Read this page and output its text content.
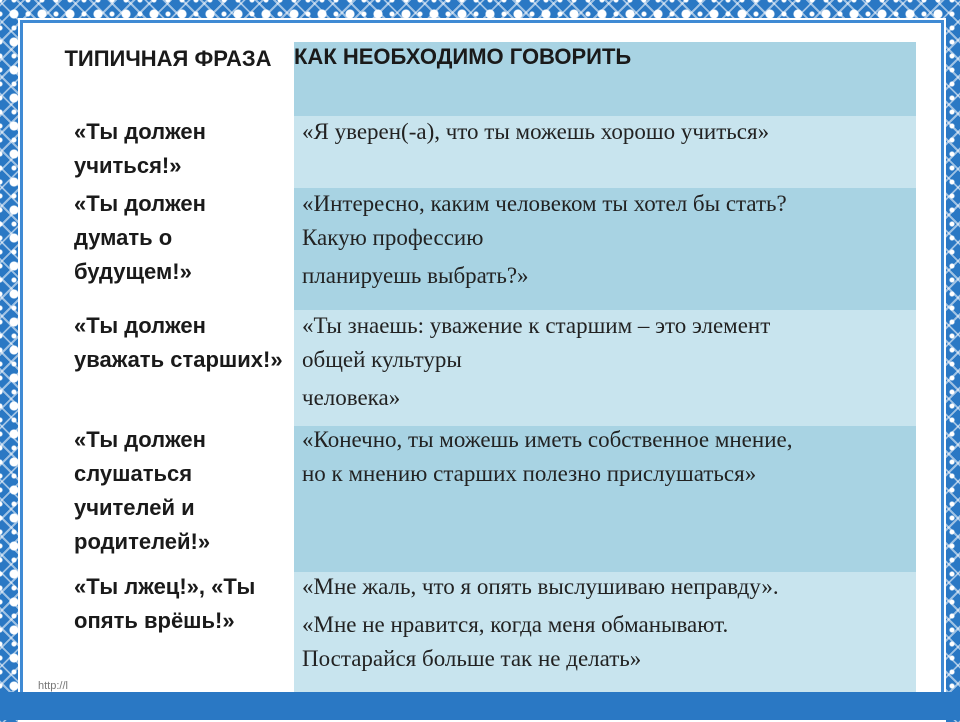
ТИПИЧНАЯ ФРАЗА	КАК НЕОБХОДИМО ГОВОРИТЬ
«Ты должен учиться!»
«Я уверен(-а), что ты можешь хорошо учиться»
«Ты должен думать о будущем!»
«Интересно, каким человеком ты хотел бы стать?
Какую профессию
планируешь выбрать?»
«Ты должен уважать старших!»
«Ты знаешь: уважение к старшим – это элемент
общей культуры
человека»
«Ты должен слушаться учителей и родителей!»
«Конечно, ты можешь иметь собственное мнение,
но к мнению старших полезно прислушаться»
«Ты лжец!», «Ты опять врёшь!»
«Мне жаль, что я опять выслушиваю неправду».
«Мне не нравится, когда меня обманывают.
Постарайся больше так не делать»
http://l
